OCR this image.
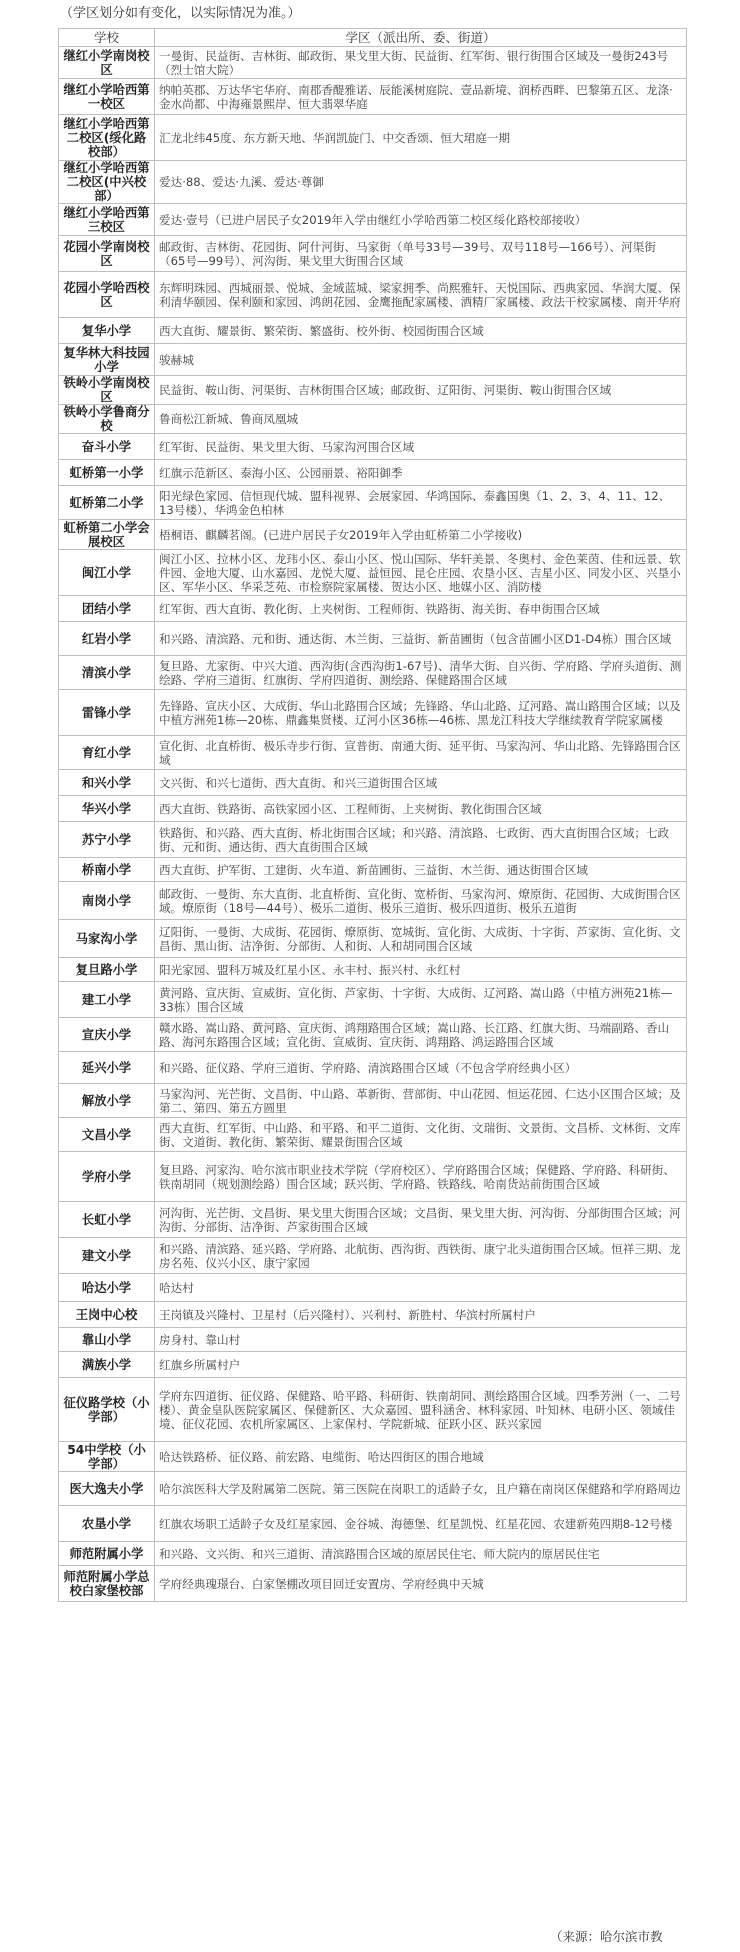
（学区划分如有变化，以实际情况为准。）
学校	学区（派出所、委、街道）
继红小学南岗校区	一曼街、民益街、吉林街、邮政街、果戈里大街、民益街、红军街、银行街围合区域及一曼街243号（烈士馆大院）
继红小学哈西第一校区	纳帕英郡、万达华宅华府、南郡香醍雅诺、辰能溪树庭院、壹品新境、润桥西畔、巴黎第五区、龙涤·金水尚都、中海雍景熙岸、恒大翡翠华庭
继红小学哈西第二校区(绥化路校部）	汇龙北纬45度、东方新天地、华润凯旋门、中交香颂、恒大珺庭一期
继红小学哈西第二校区(中兴校部）	爱达·88、爱达·九溪、爱达·尊御
继红小学哈西第三校区	爱达·壹号（已进户居民子女2019年入学由继红小学哈西第二校区绥化路校部接收）
花园小学南岗校区	邮政街、吉林街、花园街、阿什河街、马家街（单号33号—39号、双号118号—166号）、河渠街（65号—99号）、河沟街、果戈里大街围合区域
花园小学哈西校区	东辉明珠园、西城丽景、悦城、金域蓝城、梁家拥季、尚熙雅轩、天悦国际、西典家园、华润大厦、保利清华颐园、保利颐和家园、鸿朗花园、金鹰拖配家属楼、酒精厂家属楼、政法干校家属楼、南开华府
复华小学	西大直街、耀景街、繁荣街、繁盛街、校外街、校园街围合区域
复华林大科技园小学	骏赫城
铁岭小学南岗校区	民益街、鞍山街、河渠街、吉林街围合区域；邮政街、辽阳街、河渠街、鞍山街围合区域
铁岭小学鲁商分校	鲁商松江新城、鲁商凤凰城
奋斗小学	红军街、民益街、果戈里大街、马家沟河围合区域
虹桥第一小学	红旗示范新区、泰海小区、公园丽景、裕阳御季
虹桥第二小学	阳光绿色家园、信恒现代城、盟科视界、会展家园、华鸿国际、泰鑫国奥（1、2、3、4、11、12、13号楼）、华鸿金色柏林
虹桥第二小学会展校区	梧桐语、麒麟茗阁。(已进户居民子女2019年入学由虹桥第二小学接收)
闽江小学	闽江小区、拉林小区、龙玮小区、泰山小区、悦山国际、华轩美景、冬奥村、金色莱茵、佳和远景、软件园、金地大厦、山水嘉园、龙悦大厦、益恒园、昆仑庄园、农垦小区、吉星小区、同发小区、兴垦小区、军华小区、华采芝苑、市检察院家属楼、贺达小区、地媒小区、消防楼
团结小学	红军街、西大直街、教化街、上夹树街、工程师街、铁路街、海关街、春申街围合区域
红岩小学	和兴路、清滨路、元和街、通达街、木兰街、三益街、新苗圃街（包含苗圃小区D1-D4栋）围合区域
清滨小学	复旦路、尤家街、中兴大道、西沟街(含西沟街1-67号)、清华大街、自兴街、学府路、学府头道街、测绘路、学府三道街、红旗街、学府四道街、测绘路、保健路围合区域
雷锋小学	先锋路、宣庆小区、大成街、华山北路围合区域；先锋路、华山北路、辽河路、嵩山路围合区域；以及中植方洲苑1栋—20栋、鼎鑫集贤楼、辽河小区36栋—46栋、黑龙江科技大学继续教育学院家属楼
育红小学	宣化街、北直桥街、极乐寺步行街、宣普街、南通大街、延平街、马家沟河、华山北路、先锋路围合区域
和兴小学	文兴街、和兴七道街、西大直街、和兴三道街围合区域
华兴小学	西大直街、铁路街、高铁家园小区、工程师街、上夹树街、教化街围合区域
苏宁小学	铁路街、和兴路、西大直街、桥北街围合区域；和兴路、清滨路、七政街、西大直街围合区域；七政街、元和街、通达街、西大直街围合区域
桥南小学	西大直街、护军街、工建街、火车道、新苗圃街、三益街、木兰街、通达街围合区域
南岗小学	邮政街、一曼街、东大直街、北直桥街、宣化街、宽桥街、马家沟河、燎原街、花园街、大成街围合区域。燎原街（18号—44号）、极乐二道街、极乐三道街、极乐四道街、极乐五道街
马家沟小学	辽阳街、一曼街、大成街、花园街、燎原街、宽城街、宣化街、大成街、十字街、芦家街、宣化街、文昌街、黑山街、洁净街、分部街、人和街、人和胡同围合区域
复旦路小学	阳光家园、盟科万城及红星小区、永丰村、振兴村、永红村
建工小学	黄河路、宣庆街、宣威街、宣化街、芦家街、十字街、大成街、辽河路、嵩山路（中植方洲苑21栋—33栋）围合区域
宣庆小学	赣水路、嵩山路、黄河路、宣庆街、鸿翔路围合区域；嵩山路、长江路、红旗大街、马端副路、香山路、海河东路围合区域；宣化街、宣威街、宣庆街、鸿翔路、鸿运路围合区域
延兴小学	和兴路、征仪路、学府三道街、学府路、清滨路围合区域（不包含学府经典小区）
解放小学	马家沟河、光芒街、文昌街、中山路、革新街、营部街、中山花园、恒运花园、仁达小区围合区域；及第二、第四、第五方圆里
文昌小学	西大直街、红军街、中山路、和平路、和平二道街、文化街、文瑞街、文景街、文昌桥、文林街、文库街、文道街、教化街、繁荣街、耀景街围合区域
学府小学	复旦路、河家沟、哈尔滨市职业技术学院（学府校区）、学府路围合区域；保健路、学府路、科研街、铁南胡同（规划测绘路）围合区域；跃兴街、学府路、铁路线、哈南货站前街围合区域
长虹小学	河沟街、光芒街、文昌街、果戈里大街围合区域；文昌街、果戈里大街、河沟街、分部街围合区域；河沟街、分部街、洁净街、芦家街围合区域
建文小学	和兴路、清滨路、延兴路、学府路、北航街、西沟街、西铁街、康宁北头道街围合区域。恒祥三期、龙房名苑、仪兴小区、康宁家园
哈达小学	哈达村
王岗中心校	王岗镇及兴隆村、卫星村（后兴隆村）、兴利村、新胜村、华滨村所属村户
靠山小学	房身村、靠山村
满族小学	红旗乡所属村户
征仪路学校（小学部）	学府东四道街、征仪路、保健路、哈平路、科研街、铁南胡同、测绘路围合区域。四季芳洲（一、二号楼）、黄金皇队医院家属区、保健新区、大众嘉园、盟科涵舍、林科家园、叶知林、电研小区、领域佳境、征仪花园、农机所家属区、上家保村、学院新城、征跃小区、跃兴家园
54中学校（小学部）	哈达铁路桥、征仪路、前宏路、电缆街、哈达四街区的围合地域
医大逸夫小学	哈尔滨医科大学及附属第二医院、第三医院在岗职工的适龄子女，且户籍在南岗区保健路和学府路周边
农垦小学	红旗农场职工适龄子女及红星家园、金谷城、海德堡、红星凯悦、红星花园、农建新苑四期8-12号楼
师范附属小学	和兴路、文兴街、和兴三道街、清滨路围合区域的原居民住宅、师大院内的原居民住宅
师范附属小学总校白家堡校部	学府经典瑰璟台、白家堡棚改项目回迁安置房、学府经典中天城
（来源：哈尔滨市教
